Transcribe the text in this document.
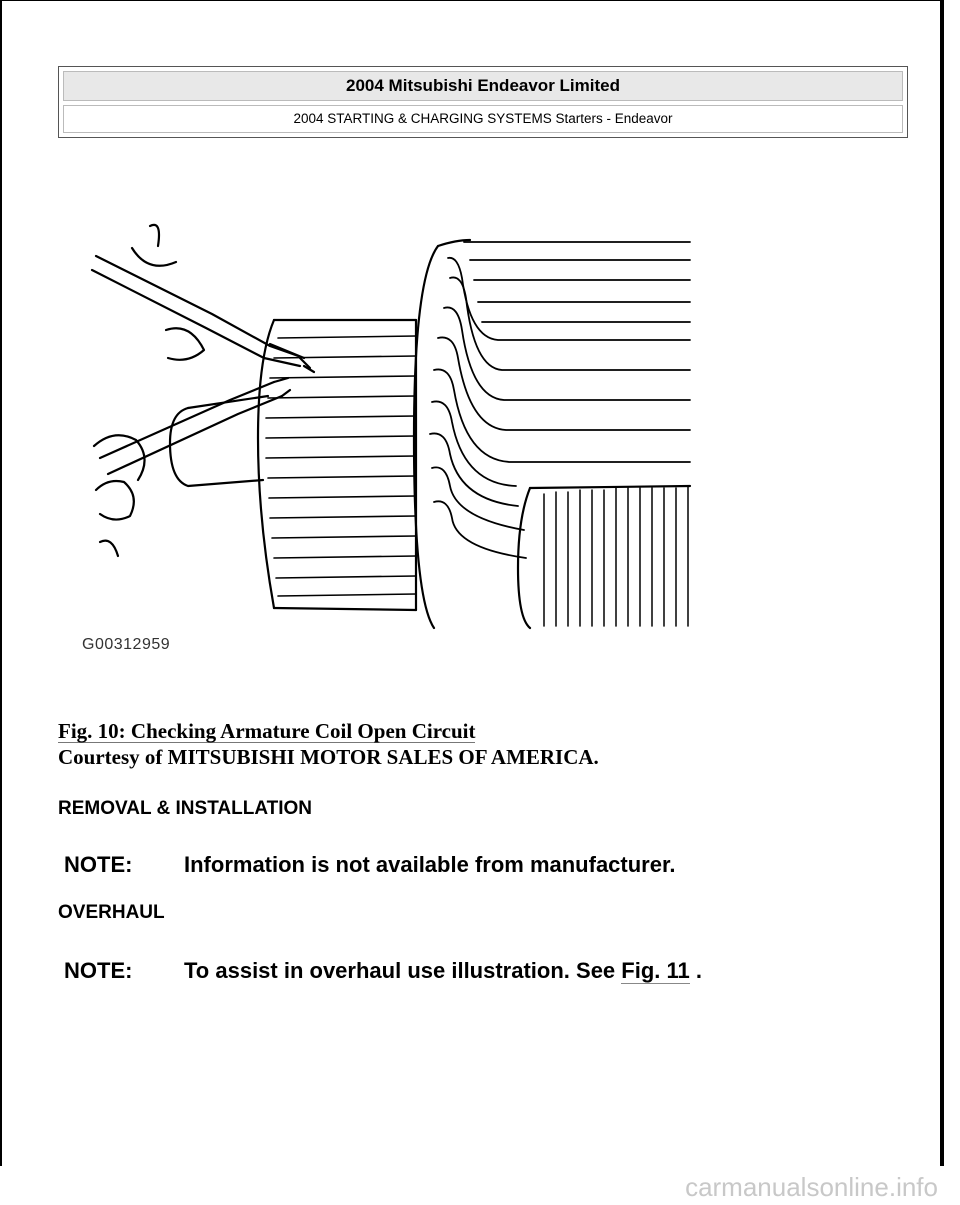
2004 Mitsubishi Endeavor Limited
2004 STARTING & CHARGING SYSTEMS Starters - Endeavor
G00312959
Fig. 10: Checking Armature Coil Open Circuit
Courtesy of MITSUBISHI MOTOR SALES OF AMERICA.
REMOVAL & INSTALLATION
NOTE: Information is not available from manufacturer.
OVERHAUL
NOTE: To assist in overhaul use illustration. See Fig. 11 .
carmanualsonline.info
